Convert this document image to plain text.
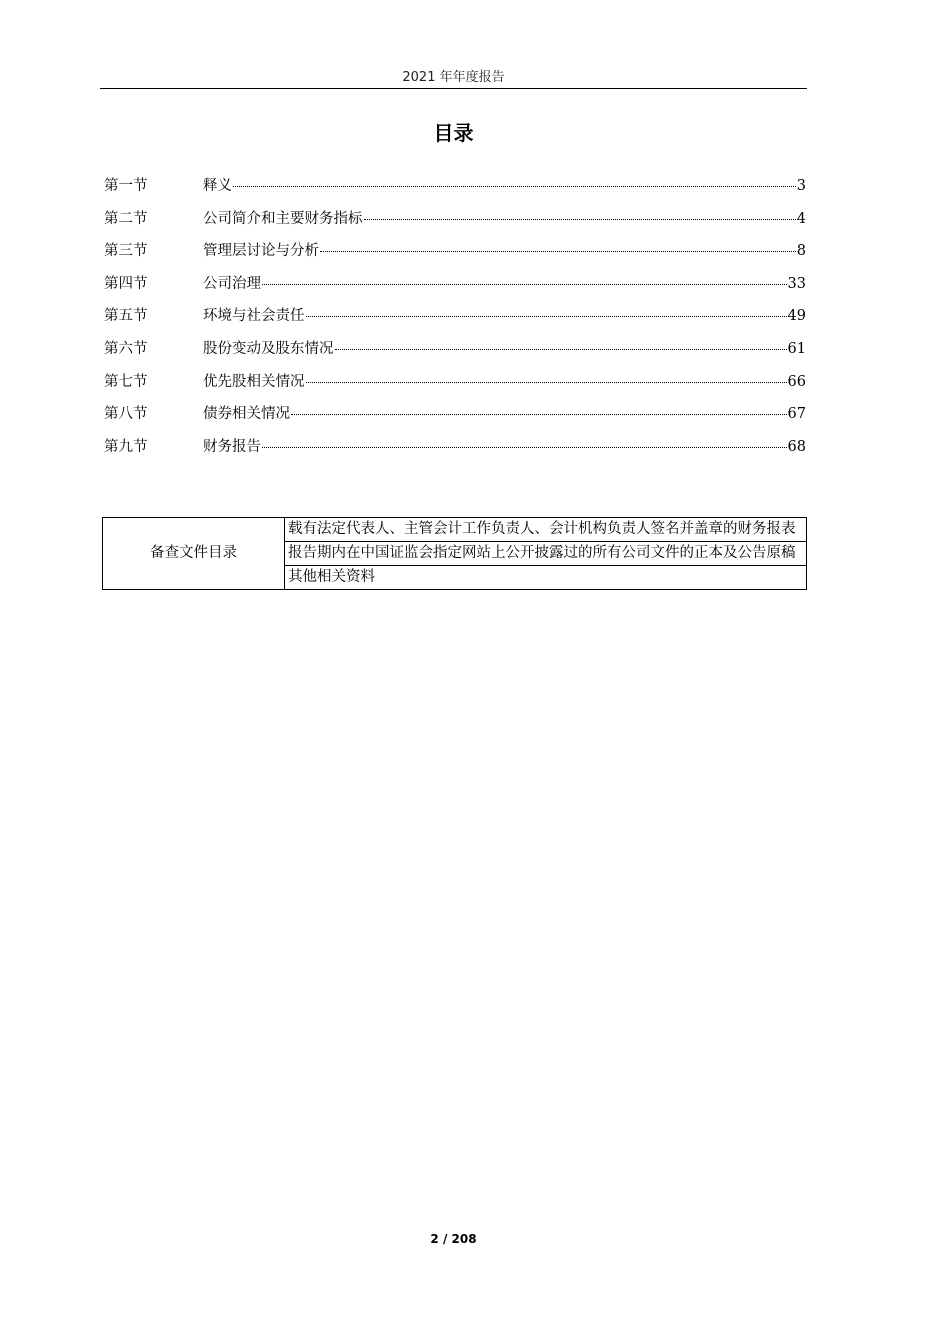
2021 年年度报告
目录
第一节	释义	3
第二节	公司简介和主要财务指标	4
第三节	管理层讨论与分析	8
第四节	公司治理	33
第五节	环境与社会责任	49
第六节	股份变动及股东情况	61
第七节	优先股相关情况	66
第八节	债券相关情况	67
第九节	财务报告	68
备查文件目录	载有法定代表人、主管会计工作负责人、会计机构负责人签名并盖章的财务报表
报告期内在中国证监会指定网站上公开披露过的所有公司文件的正本及公告原稿
其他相关资料
2 / 208
